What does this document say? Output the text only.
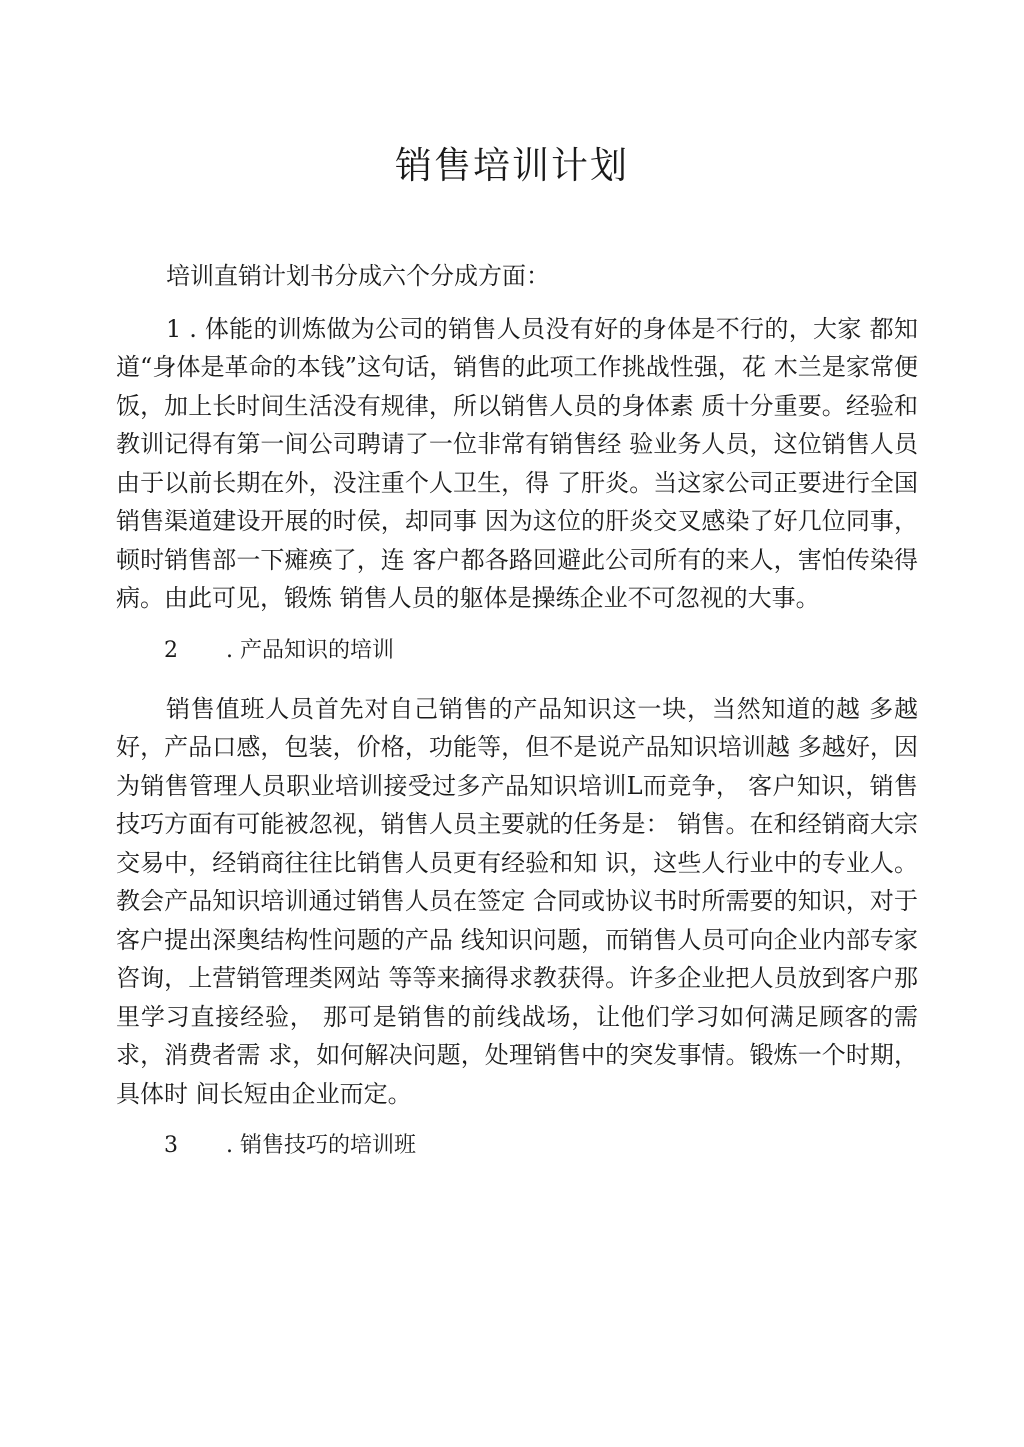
销售培训计划

培训直销计划书分成六个分成方面：

1 . 体能的训炼做为公司的销售人员没有好的身体是不行的，大家 都知道“身体是革命的本钱”这句话，销售的此项工作挑战性强，花 木兰是家常便饭，加上长时间生活没有规律，所以销售人员的身体素 质十分重要。经验和教训记得有第一间公司聘请了一位非常有销售经 验业务人员，这位销售人员由于以前长期在外，没注重个人卫生，得 了肝炎。当这家公司正要进行全国销售渠道建设开展的时侯，却同事 因为这位的肝炎交叉感染了好几位同事，顿时销售部一下瘫痪了，连 客户都各路回避此公司所有的来人，害怕传染得病。由此可见，锻炼 销售人员的躯体是操练企业不可忽视的大事。

2 . 产品知识的培训

销售值班人员首先对自己销售的产品知识这一块，当然知道的越 多越好，产品口感，包装，价格，功能等，但不是说产品知识培训越 多越好，因为销售管理人员职业培训接受过多产品知识培训L而竞争， 客户知识，销售技巧方面有可能被忽视，销售人员主要就的任务是： 销售。在和经销商大宗交易中，经销商往往比销售人员更有经验和知 识，这些人行业中的专业人。教会产品知识培训通过销售人员在签定 合同或协议书时所需要的知识，对于客户提出深奥结构性问题的产品 线知识问题，而销售人员可向企业内部专家咨询，上营销管理类网站 等等来摘得求教获得。许多企业把人员放到客户那里学习直接经验， 那可是销售的前线战场，让他们学习如何满足顾客的需求，消费者需 求，如何解决问题，处理销售中的突发事情。锻炼一个时期，具体时 间长短由企业而定。

3 . 销售技巧的培训班
